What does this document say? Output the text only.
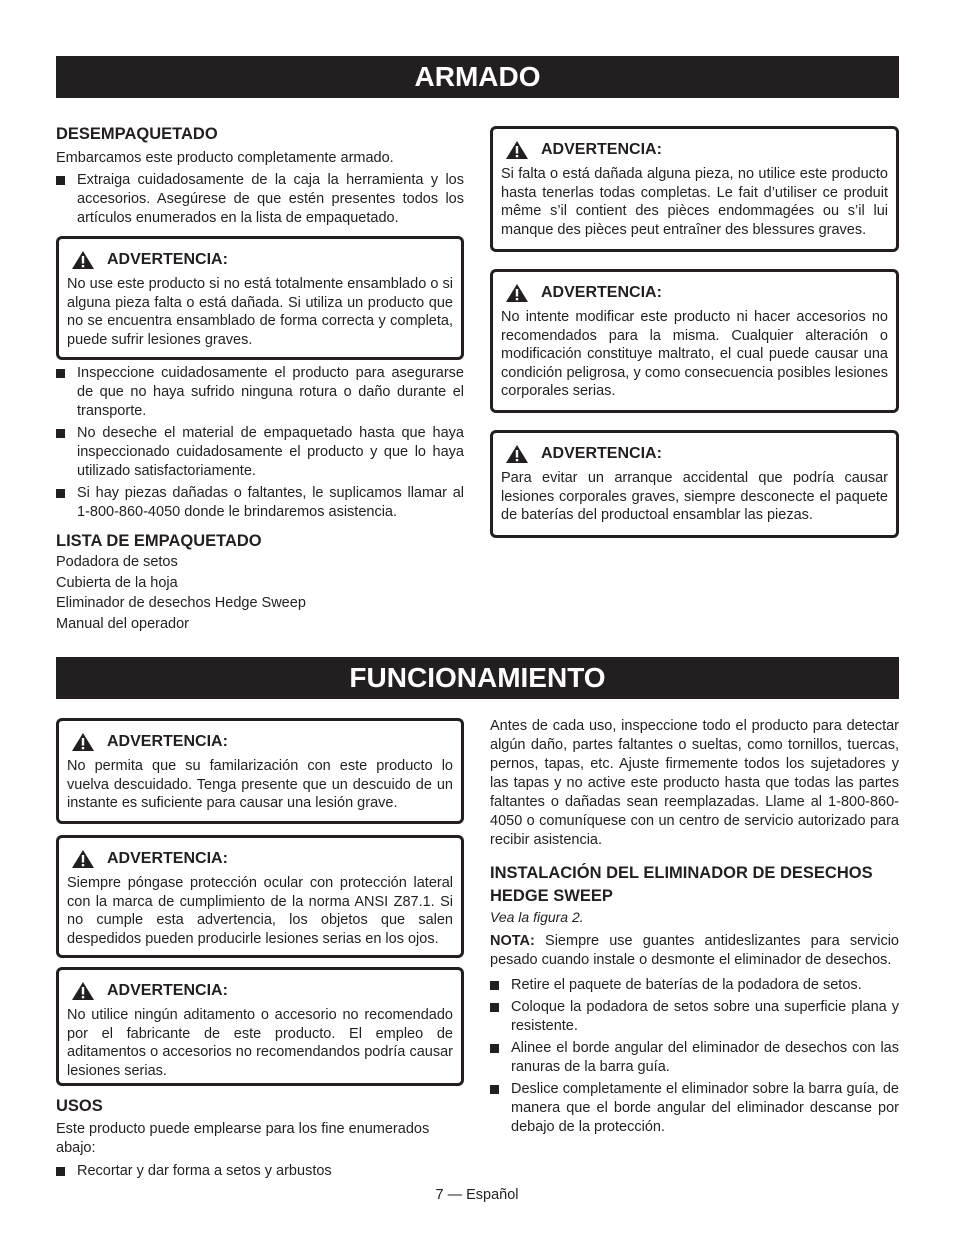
ARMADO

DESEMPAQUETADO

Embarcamos este producto completamente armado.

Extraiga cuidadosamente de la caja la herramienta y los accesorios. Asegúrese de que estén presentes todos los artículos enumerados en la lista de empaquetado.
ADVERTENCIA:
No use este producto si no está totalmente ensamblado o si alguna pieza falta o está dañada. Si utiliza un producto que no se encuentra ensamblado de forma correcta y completa, puede sufrir lesiones graves.
Inspeccione cuidadosamente el producto para asegurarse de que no haya sufrido ninguna rotura o daño durante el transporte.
No deseche el material de empaquetado hasta que haya inspeccionado cuidadosamente el producto y que lo haya utilizado satisfactoriamente.
Si hay piezas dañadas o faltantes, le suplicamos llamar al 1-800-860-4050 donde le brindaremos asistencia.

LISTA DE EMPAQUETADO

Podadora de setos

Cubierta de la hoja

Eliminador de desechos Hedge Sweep

Manual del operador

ADVERTENCIA:
Si falta o está dañada alguna pieza, no utilice este producto hasta tenerlas todas completas. Le fait d’utiliser ce produit même s’il contient des pièces endommagées ou s’il lui manque des pièces peut entraîner des blessures graves.
ADVERTENCIA:
No intente modificar este producto ni hacer accesorios no recomendados para la misma. Cualquier alteración o modificación constituye maltrato, el cual puede causar una condición peligrosa, y como consecuencia posibles lesiones corporales serias.
ADVERTENCIA:
Para evitar un arranque accidental que podría causar lesiones corporales graves, siempre desconecte el paquete de baterías del productoal ensamblar las piezas.
FUNCIONAMIENTO
ADVERTENCIA:
No permita que su familarización con este producto lo vuelva descuidado. Tenga presente que un descuido de un instante es suficiente para causar una lesión grave.
ADVERTENCIA:
Siempre póngase protección ocular con protección lateral con la marca de cumplimiento de la norma ANSI Z87.1. Si no cumple esta advertencia, los objetos que salen despedidos pueden producirle lesiones serias en los ojos.
ADVERTENCIA:
No utilice ningún aditamento o accesorio no recomendado por el fabricante de este producto. El empleo de aditamentos o accesorios no recomendandos podría causar lesiones serias.

USOS

Este producto puede emplearse para los fine enumerados abajo:

Recortar y dar forma a setos y arbustos

Antes de cada uso, inspeccione todo el producto para detectar algún daño, partes faltantes o sueltas, como tornillos, tuercas, pernos, tapas, etc. Ajuste firmemente todos los sujetadores y las tapas y no active este producto hasta que todas las partes faltantes o dañadas sean reemplazadas. Llame al 1-800-860-4050 o comuníquese con un centro de servicio autorizado para recibir asistencia.

INSTALACIÓN DEL ELIMINADOR DE DESECHOS HEDGE SWEEP

Vea la figura 2.

NOTA: Siempre use guantes antideslizantes para servicio pesado cuando instale o desmonte el eliminador de desechos.

Retire el paquete de baterías de la podadora de setos.
Coloque la podadora de setos sobre una superficie plana y resistente.
Alinee el borde angular del eliminador de desechos con las ranuras de la barra guía.
Deslice completamente el eliminador sobre la barra guía, de manera que el borde angular del eliminador descanse por debajo de la protección.
7 — Español
